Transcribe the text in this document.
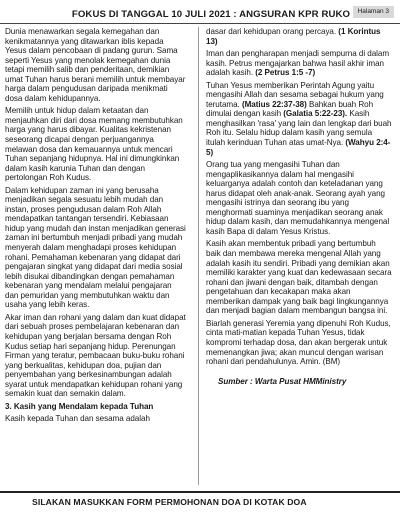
FOKUS DI TANGGAL 10 JULI 2021 : ANGSURAN KPR RUKO	Halaman 3

Dunia menawarkan segala kemegahan dan kenikmatannya yang ditawarkan iblis kepada Yesus dalam pencobaan di padang gurun. Sama seperti Yesus yang menolak kemegahan dunia tetapi memilih salib dan penderitaan, demikian umat Tuhan harus berani memilih untuk membayar harga dalam pengudusan daripada menikmati dosa dalam kehidupannya.

Memilih untuk hidup dalam ketaatan dan menjauhkan diri dari dosa memang membutuhkan harga yang harus dibayar. Kualitas kekristenan seseorang dicapai dengan perjuangannya melawan dosa dan kemauannya untuk mencari Tuhan sepanjang hidupnya. Hal ini dimungkinkan dalam kasih karunia Tuhan dan dengan pertolongan Roh Kudus.

Dalam kehidupan zaman ini yang berusaha menjadikan segala sesuatu lebih mudah dan instan, proses pengudusan dalam Roh Allah mendapatkan tantangan tersendiri. Kebiasaan hidup yang mudah dan instan menjadikan generasi zaman ini bertumbuh menjadi pribadi yang mudah menyerah dalam menghadapi proses kehidupan rohani. Pemahaman kebenaran yang didapat dari pengajaran singkat yang didapat dari media sosial lebih disukai dibandingkan dengan pemahaman kebenaran yang mendalam melalui pengajaran dan pemuridan yang membutuhkan waktu dan usaha yang lebih keras.

Akar iman dan rohani yang dalam dan kuat didapat dari sebuah proses pembelajaran kebenaran dan kehidupan yang berjalan bersama dengan Roh Kudus setiap hari sepanjang hidup. Perenungan Firman yang teratur, pembacaan buku-buku rohani yang berkualitas, kehidupan doa, pujian dan penyembahan yang berkesinambungan adalah syarat untuk mendapatkan kehidupan rohani yang semakin kuat dan semakin dalam.

3. Kasih yang Mendalam kepada Tuhan

Kasih kepada Tuhan dan sesama adalah

dasar dari kehidupan orang percaya. (1 Korintus 13)

Iman dan pengharapan menjadi sempurna di dalam kasih. Petrus mengajarkan bahwa hasil akhir iman adalah kasih. (2 Petrus 1:5 -7)

Tuhan Yesus memberikan Perintah Agung yaitu mengasihi Allah dan sesama sebagai hukum yang terutama. (Matius 22:37-38) Bahkan buah Roh dimulai dengan kasih (Galatia 5:22-23). Kasih menghasilkan 'rasa' yang lain dan lengkap dari buah Roh itu. Selalu hidup dalam kasih yang semula itulah kerinduan Tuhan atas umat-Nya. (Wahyu 2:4-5)

Orang tua yang mengasihi Tuhan dan mengaplikasikannya dalam hal mengasihi keluarganya adalah contoh dan keteladanan yang harus didapat oleh anak-anak. Seorang ayah yang mengasihi istrinya dan seorang ibu yang menghormati suaminya menjadikan seorang anak hidup dalam kasih, dan memudahkannya mengenal kasih Bapa di dalam Yesus Kristus.

Kasih akan membentuk pribadi yang bertumbuh baik dan membawa mereka mengenal Allah yang adalah kasih itu sendiri. Pribadi yang demikian akan memiliki karakter yang kuat dan kedewasaan secara rohani dan jiwani dengan baik, ditambah dengan pengetahuan dan kecakapan maka akan memberikan dampak yang baik bagi lingkungannya dan menjadi bagian dalam membangun bangsa ini.

Biarlah generasi Yeremia yang dipenuhi Roh Kudus, cinta mati-matian kepada Tuhan Yesus, tidak kompromi terhadap dosa, dan akan bergerak untuk memenangkan jiwa; akan muncul dengan warisan rohani dari pendahulunya. Amin. (BM)

Sumber : Warta Pusat HMMinistry

SILAKAN MASUKKAN FORM PERMOHONAN DOA DI KOTAK DOA
